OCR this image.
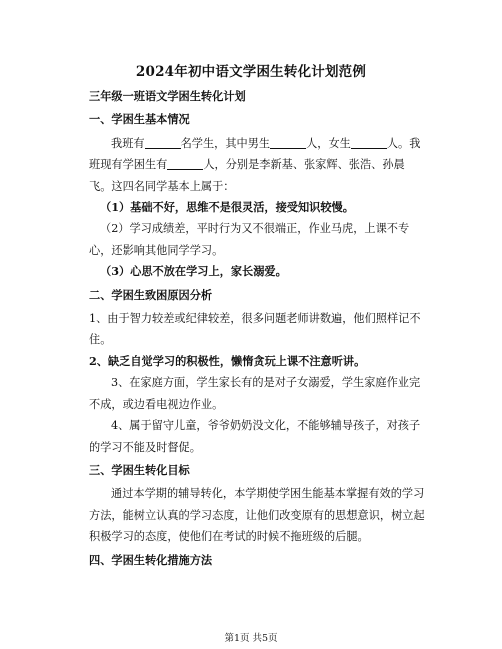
2024年初中语文学困生转化计划范例

三年级一班语文学困生转化计划

一、学困生基本情况

我班有	名学生，其中男生	人，女生	人。我班现有学困生有	人，分别是李新基、张家辉、张浩、孙晨飞。这四名同学基本上属于：

（1）基础不好，思维不是很灵活，接受知识较慢。

（2）学习成绩差，平时行为又不很端正，作业马虎，上课不专心，还影响其他同学学习。

（3）心思不放在学习上，家长溺爱。

二、学困生致困原因分析

1、由于智力较差或纪律较差，很多问题老师讲数遍，他们照样记不住。

2、缺乏自觉学习的积极性，懒惰贪玩上课不注意听讲。

3、在家庭方面，学生家长有的是对子女溺爱，学生家庭作业完不成，或边看电视边作业。

4、属于留守儿童，爷爷奶奶没文化，不能够辅导孩子，对孩子的学习不能及时督促。

三、学困生转化目标

通过本学期的辅导转化，本学期使学困生能基本掌握有效的学习方法，能树立认真的学习态度，让他们改变原有的思想意识，树立起积极学习的态度，使他们在考试的时候不拖班级的后腿。

四、学困生转化措施方法

第1页 共5页
